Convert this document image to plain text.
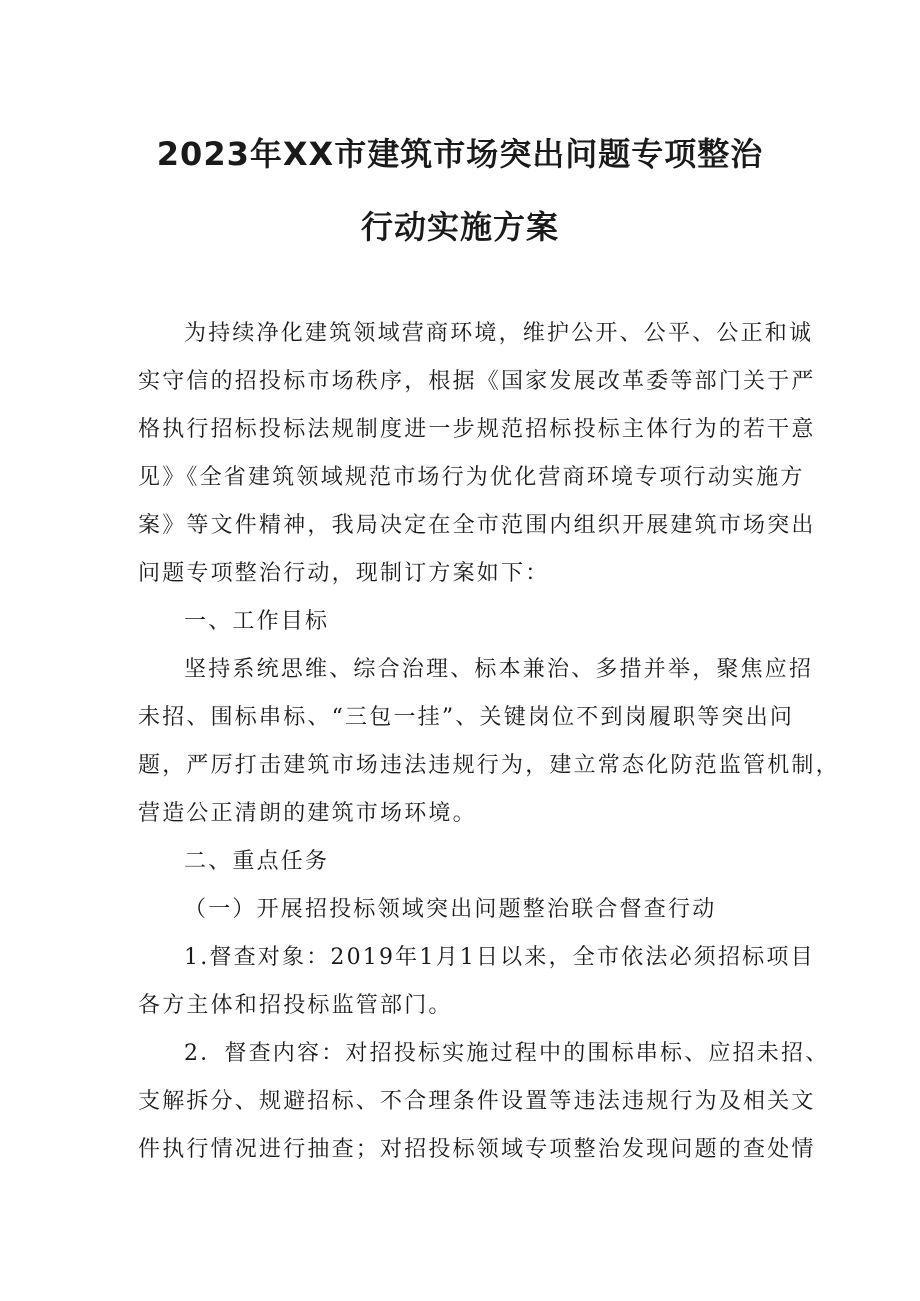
2023年XX市建筑市场突出问题专项整治
行动实施方案
为持续净化建筑领域营商环境，维护公开、公平、公正和诚
实守信的招投标市场秩序，根据《国家发展改革委等部门关于严
格执行招标投标法规制度进一步规范招标投标主体行为的若干意
见》《全省建筑领域规范市场行为优化营商环境专项行动实施方
案》等文件精神，我局决定在全市范围内组织开展建筑市场突出
问题专项整治行动，现制订方案如下：
一、工作目标
坚持系统思维、综合治理、标本兼治、多措并举，聚焦应招
未招、围标串标、“三包一挂”、关键岗位不到岗履职等突出问
题，严厉打击建筑市场违法违规行为，建立常态化防范监管机制，
营造公正清朗的建筑市场环境。
二、重点任务
（一）开展招投标领域突出问题整治联合督查行动
1.督查对象：2019年1月1日以来，全市依法必须招标项目
各方主体和招投标监管部门。
2．督查内容：对招投标实施过程中的围标串标、应招未招、
支解拆分、规避招标、不合理条件设置等违法违规行为及相关文
件执行情况进行抽查；对招投标领域专项整治发现问题的查处情
